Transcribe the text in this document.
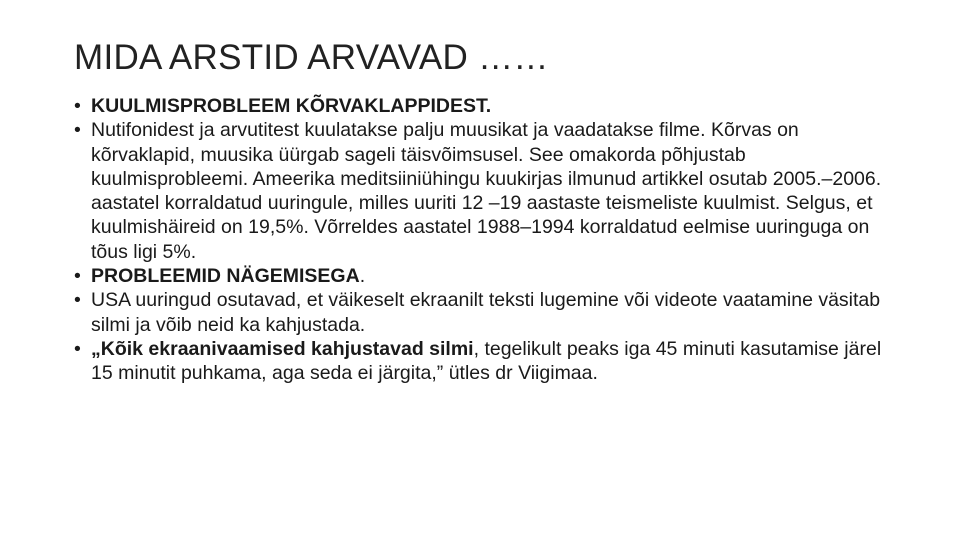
MIDA ARSTID ARVAVAD ……
• KUULMISPROBLEEM KÕRVAKLAPPIDEST.
• Nutifonidest ja arvutitest kuulatakse palju muusikat ja vaadatakse filme. Kõrvas on kõrvaklapid, muusika üürgab sageli täisvõimsusel. See omakorda põhjustab kuulmisprobleemi. Ameerika meditsiiniühingu kuukirjas ilmunud artikkel osutab 2005.–2006. aastatel korraldatud uuringule, milles uuriti 12 –19 aastaste teismeliste kuulmist. Selgus, et kuulmishäireid on 19,5%. Võrreldes aastatel 1988–1994 korraldatud eelmise uuringuga on tõus ligi 5%.
• PROBLEEMID NÄGEMISEGA.
• USA uuringud osutavad, et väikeselt ekraanilt teksti lugemine või videote vaatamine väsitab silmi ja võib neid ka kahjustada.
• „Kõik ekraanivaamised kahjustavad silmi, tegelikult peaks iga 45 minuti kasutamise järel 15 minutit puhkama, aga seda ei järgita,” ütles dr Viigimaa.
